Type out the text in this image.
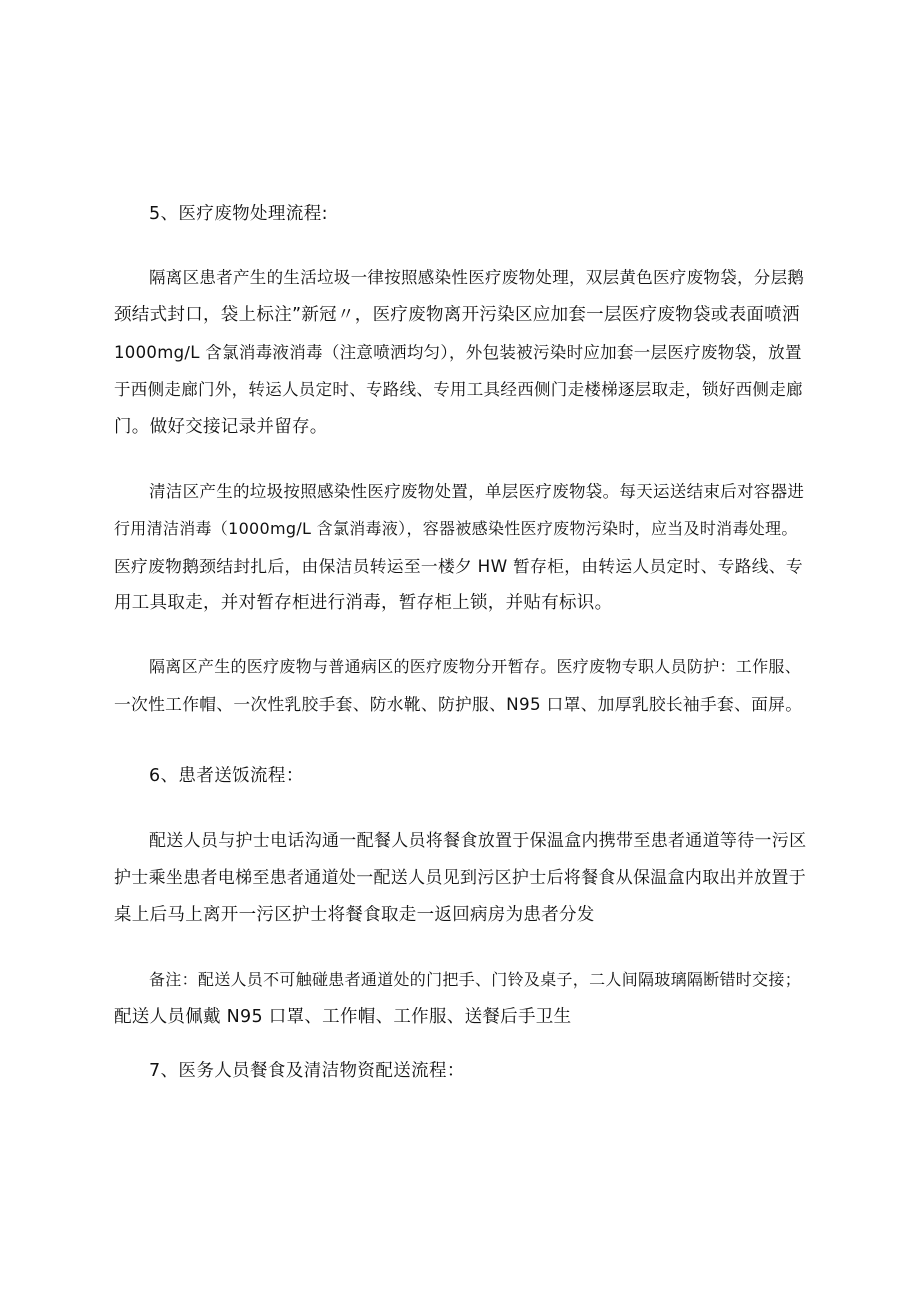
5、医疗废物处理流程:
隔离区患者产生的生活垃圾一律按照感染性医疗废物处理，双层黄色医疗废物袋，分层鹅
颈结式封口，袋上标注”新冠〃，医疗废物离开污染区应加套一层医疗废物袋或表面喷洒
1000mg∕L 含氯消毒液消毒（注意喷洒均匀），外包装被污染时应加套一层医疗废物袋，放置
于西侧走廊门外，转运人员定时、专路线、专用工具经西侧门走楼梯逐层取走，锁好西侧走廊
门。做好交接记录并留存。
清洁区产生的垃圾按照感染性医疗废物处置，单层医疗废物袋。每天运送结束后对容器进
行用清洁消毒（1000mg∕L 含氯消毒液），容器被感染性医疗废物污染时，应当及时消毒处理。
医疗废物鹅颈结封扎后，由保洁员转运至一楼夕 HW 暂存柜，由转运人员定时、专路线、专
用工具取走，并对暂存柜进行消毒，暂存柜上锁，并贴有标识。
隔离区产生的医疗废物与普通病区的医疗废物分开暂存。医疗废物专职人员防护：工作服、
一次性工作帽、一次性乳胶手套、防水靴、防护服、N95 口罩、加厚乳胶长袖手套、面屏。
6、患者送饭流程：
配送人员与护士电话沟通一配餐人员将餐食放置于保温盒内携带至患者通道等待一污区
护士乘坐患者电梯至患者通道处一配送人员见到污区护士后将餐食从保温盒内取出并放置于
桌上后马上离开一污区护士将餐食取走一返回病房为患者分发
备注：配送人员不可触碰患者通道处的门把手、门铃及桌子，二人间隔玻璃隔断错时交接；
配送人员佩戴 N95 口罩、工作帽、工作服、送餐后手卫生
7、医务人员餐食及清洁物资配送流程：
